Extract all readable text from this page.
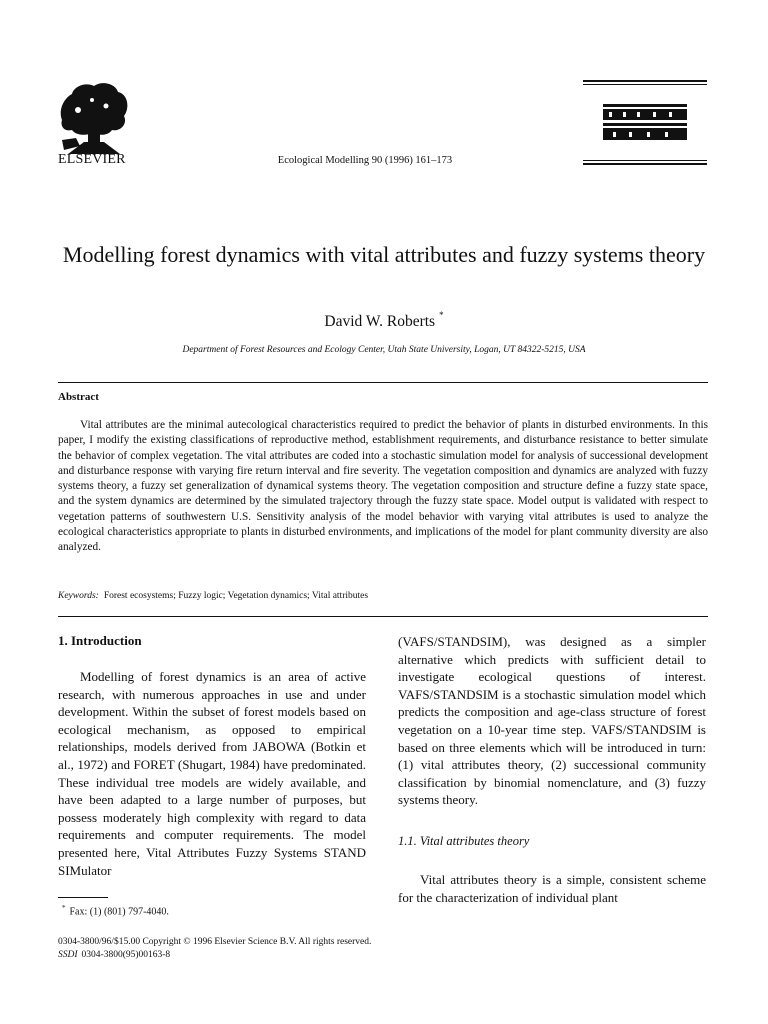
ELSEVIER	Ecological Modelling 90 (1996) 161–173
Modelling forest dynamics with vital attributes and fuzzy systems theory
David W. Roberts *
Department of Forest Resources and Ecology Center, Utah State University, Logan, UT 84322-5215, USA
Abstract

Vital attributes are the minimal autecological characteristics required to predict the behavior of plants in disturbed environments. In this paper, I modify the existing classifications of reproductive method, establishment requirements, and disturbance resistance to better simulate the behavior of complex vegetation. The vital attributes are coded into a stochastic simulation model for analysis of successional development and disturbance response with varying fire return interval and fire severity. The vegetation composition and dynamics are analyzed with fuzzy systems theory, a fuzzy set generalization of dynamical systems theory. The vegetation composition and structure define a fuzzy state space, and the system dynamics are determined by the simulated trajectory through the fuzzy state space. Model output is validated with respect to vegetation patterns of southwestern U.S. Sensitivity analysis of the model behavior with varying vital attributes is used to analyze the ecological characteristics appropriate to plants in disturbed environments, and implications of the model for plant community diversity are also analyzed.

Keywords: Forest ecosystems; Fuzzy logic; Vegetation dynamics; Vital attributes
1. Introduction

Modelling of forest dynamics is an area of active research, with numerous approaches in use and under development. Within the subset of forest models based on ecological mechanism, as opposed to empirical relationships, models derived from JABOWA (Botkin et al., 1972) and FORET (Shugart, 1984) have predominated. These individual tree models are widely available, and have been adapted to a large number of purposes, but possess moderately high complexity with regard to data requirements and computer requirements. The model presented here, Vital Attributes Fuzzy Systems STAND SIMulator

(VAFS/STANDSIM), was designed as a simpler alternative which predicts with sufficient detail to investigate ecological questions of interest. VAFS/STANDSIM is a stochastic simulation model which predicts the composition and age-class structure of forest vegetation on a 10-year time step. VAFS/STANDSIM is based on three elements which will be introduced in turn: (1) vital attributes theory, (2) successional community classification by binomial nomenclature, and (3) fuzzy systems theory.

1.1. Vital attributes theory

Vital attributes theory is a simple, consistent scheme for the characterization of individual plant

* Fax: (1) (801) 797-4040.
0304-3800/96/$15.00 Copyright © 1996 Elsevier Science B.V. All rights reserved.
SSDI 0304-3800(95)00163-8
